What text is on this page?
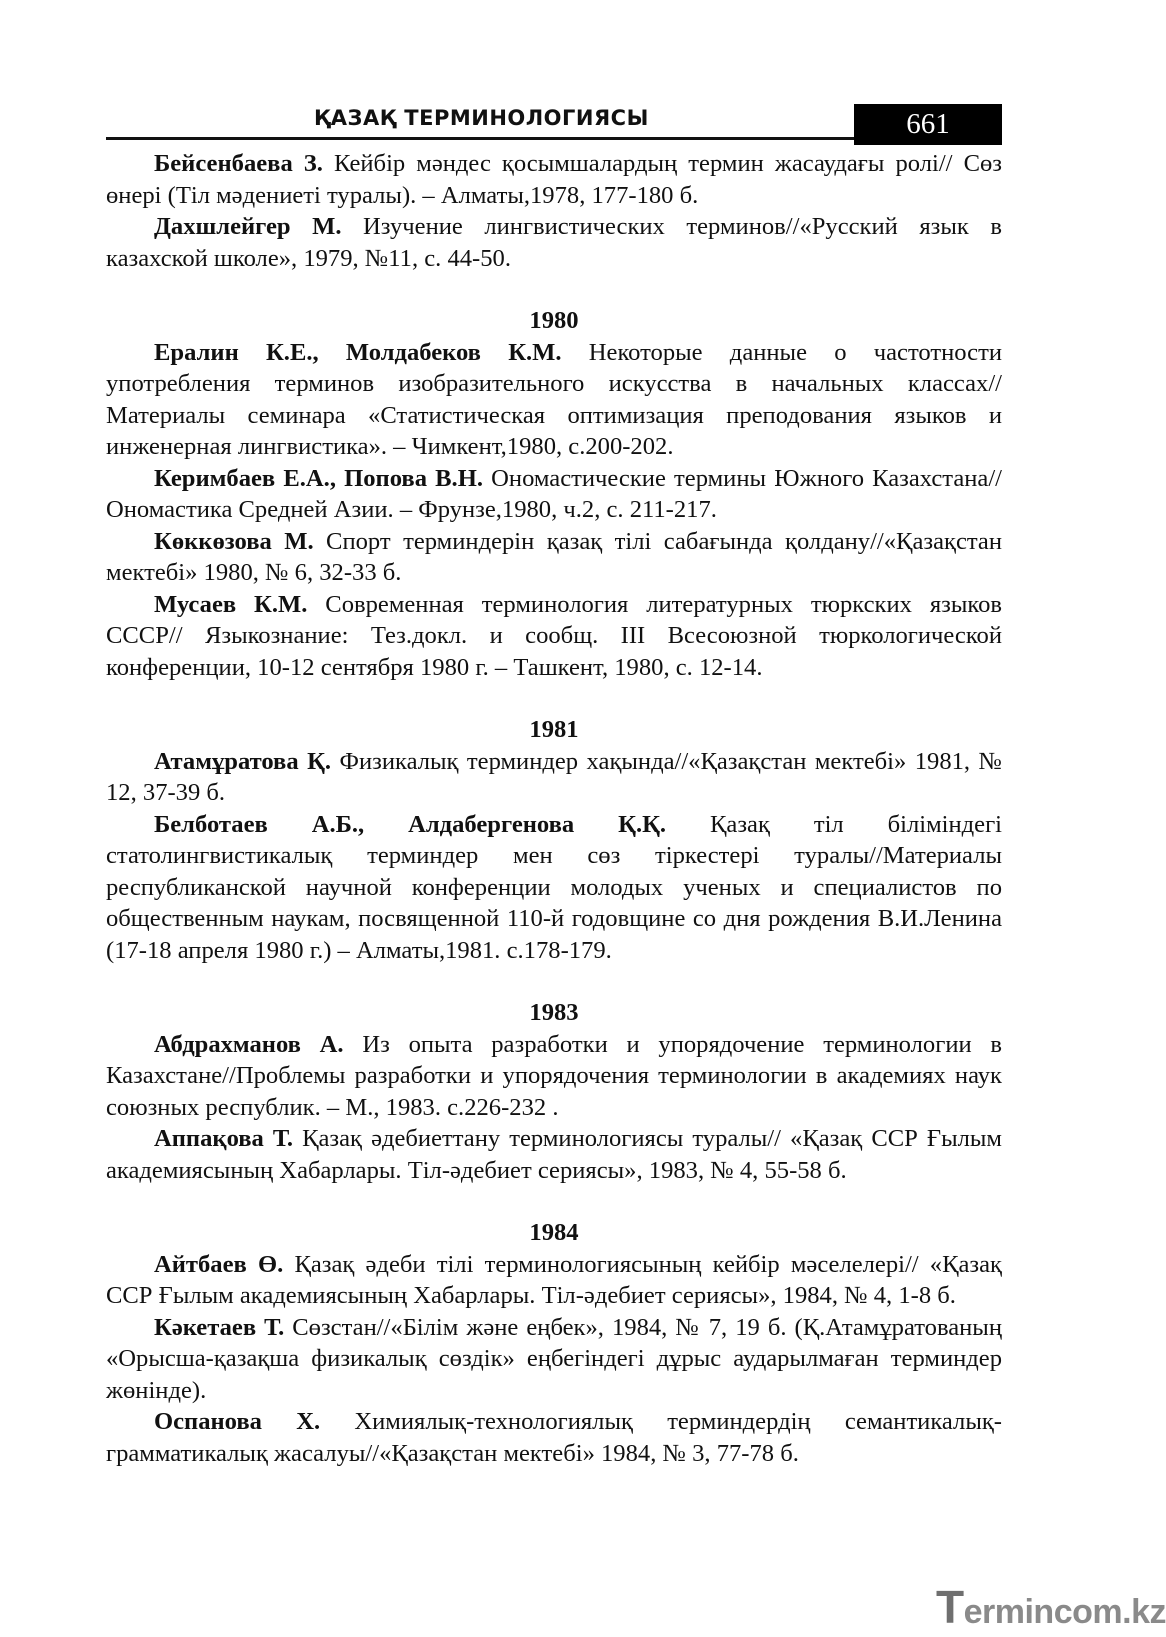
ҚАЗАҚ ТЕРМИНОЛОГИЯСЫ	661

Бейсенбаева З. Кейбір мәндес қосымшалардың термин жасаудағы ролі// Сөз өнері (Тіл мәдениеті туралы). – Алматы,1978, 177-180 б.

Дахшлейгер М. Изучение лингвистических терминов//«Русский язык в казахской школе», 1979, №11, с. 44-50.

1980

Ералин К.Е., Молдабеков К.М. Некоторые данные о частотности употребления терминов изобразительного искусства в начальных классах// Материалы семинара «Статистическая оптимизация преподования языков и инженерная лингвистика». – Чимкент,1980, с.200-202.

Керимбаев Е.А., Попова В.Н. Ономастические термины Южного Казахстана//Ономастика Средней Азии. – Фрунзе,1980, ч.2, с. 211-217.

Көккөзова М. Спорт терминдерін қазақ тілі сабағында қолдану//«Қазақстан мектебі» 1980, № 6, 32-33 б.

Мусаев К.М. Современная терминология литературных тюркских языков СССР// Языкознание: Тез.докл. и сообщ. III Всесоюзной тюркологической конференции, 10-12 сентября 1980 г. – Ташкент, 1980, с. 12-14.

1981

Атамұратова Қ. Физикалық терминдер хақында//«Қазақстан мектебі» 1981, № 12, 37-39 б.

Белботаев А.Б., Алдабергенова Қ.Қ. Қазақ тіл біліміндегі статолингвистикалық терминдер мен сөз тіркестері туралы//Материалы республиканской научной конференции молодых ученых и специалистов по общественным наукам, посвященной 110-й годовщине со дня рождения В.И.Ленина (17-18 апреля 1980 г.) – Алматы,1981. с.178-179.

1983

Абдрахманов А. Из опыта разработки и упорядочение терминологии в Казахстане//Проблемы разработки и упорядочения терминологии в академиях наук союзных республик. – М., 1983. с.226-232 .

Аппақова Т. Қазақ әдебиеттану терминологиясы туралы// «Қазақ ССР Ғылым академиясының Хабарлары. Тіл-әдебиет сериясы», 1983, № 4, 55-58 б.

1984

Айтбаев Ө. Қазақ әдеби тілі терминологиясының кейбір мәселелері// «Қазақ ССР Ғылым академиясының Хабарлары. Тіл-әдебиет сериясы», 1984, № 4, 1-8 б.

Кәкетаев Т. Сөзстан//«Білім және еңбек», 1984, № 7, 19 б. (Қ.Атамұратованың «Орысша-қазақша физикалық сөздік» еңбегіндегі дұрыс аударылмаған терминдер жөнінде).

Оспанова Х. Химиялық-технологиялық терминдердің семантикалық-грамматикалық жасалуы//«Қазақстан мектебі» 1984, № 3, 77-78 б.

Termincom.kz
